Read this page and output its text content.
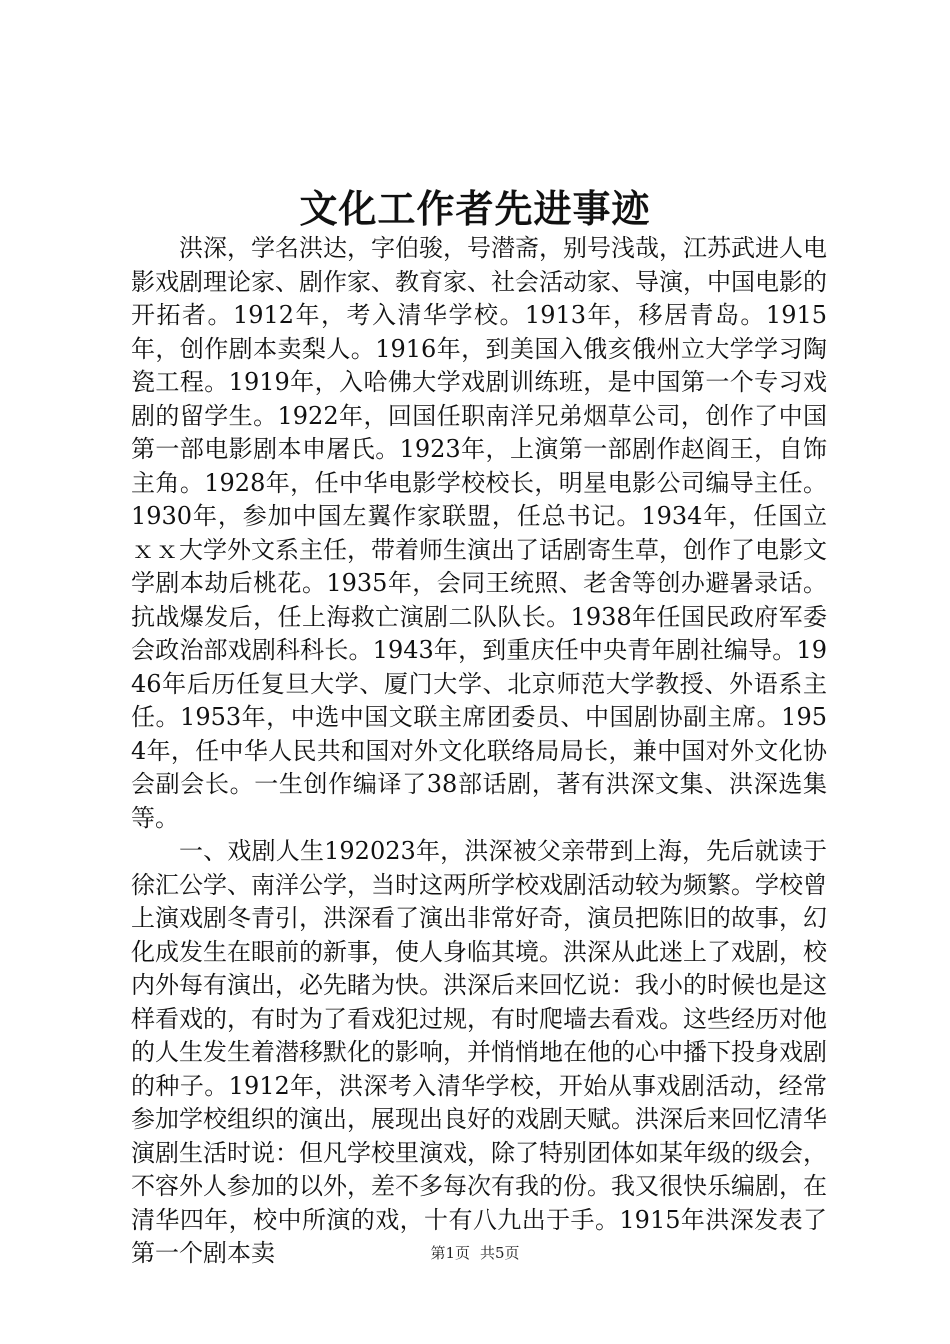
文化工作者先进事迹

洪深，学名洪达，字伯骏，号潜斋，别号浅哉，江苏武进人电影戏剧理论家、剧作家、教育家、社会活动家、导演，中国电影的开拓者。1912年，考入清华学校。1913年，移居青岛。1915年，创作剧本卖梨人。1916年，到美国入俄亥俄州立大学学习陶瓷工程。1919年，入哈佛大学戏剧训练班，是中国第一个专习戏剧的留学生。1922年，回国任职南洋兄弟烟草公司，创作了中国第一部电影剧本申屠氏。1923年，上演第一部剧作赵阎王，自饰主角。1928年，任中华电影学校校长，明星电影公司编导主任。1930年，参加中国左翼作家联盟，任总书记。1934年，任国立ｘｘ大学外文系主任，带着师生演出了话剧寄生草，创作了电影文学剧本劫后桃花。1935年，会同王统照、老舍等创办避暑录话。抗战爆发后，任上海救亡演剧二队队长。1938年任国民政府军委会政治部戏剧科科长。1943年，到重庆任中央青年剧社编导。1946年后历任复旦大学、厦门大学、北京师范大学教授、外语系主任。1953年，中选中国文联主席团委员、中国剧协副主席。1954年，任中华人民共和国对外文化联络局局长，兼中国对外文化协会副会长。一生创作编译了38部话剧，著有洪深文集、洪深选集等。

一、戏剧人生192023年，洪深被父亲带到上海，先后就读于徐汇公学、南洋公学，当时这两所学校戏剧活动较为频繁。学校曾上演戏剧冬青引，洪深看了演出非常好奇，演员把陈旧的故事，幻化成发生在眼前的新事，使人身临其境。洪深从此迷上了戏剧，校内外每有演出，必先睹为快。洪深后来回忆说：我小的时候也是这样看戏的，有时为了看戏犯过规，有时爬墙去看戏。这些经历对他的人生发生着潜移默化的影响，并悄悄地在他的心中播下投身戏剧的种子。1912年，洪深考入清华学校，开始从事戏剧活动，经常参加学校组织的演出，展现出良好的戏剧天赋。洪深后来回忆清华演剧生活时说：但凡学校里演戏，除了特别团体如某年级的级会，不容外人参加的以外，差不多每次有我的份。我又很快乐编剧，在清华四年，校中所演的戏，十有八九出于手。1915年洪深发表了第一个剧本卖	第1页 共5页
